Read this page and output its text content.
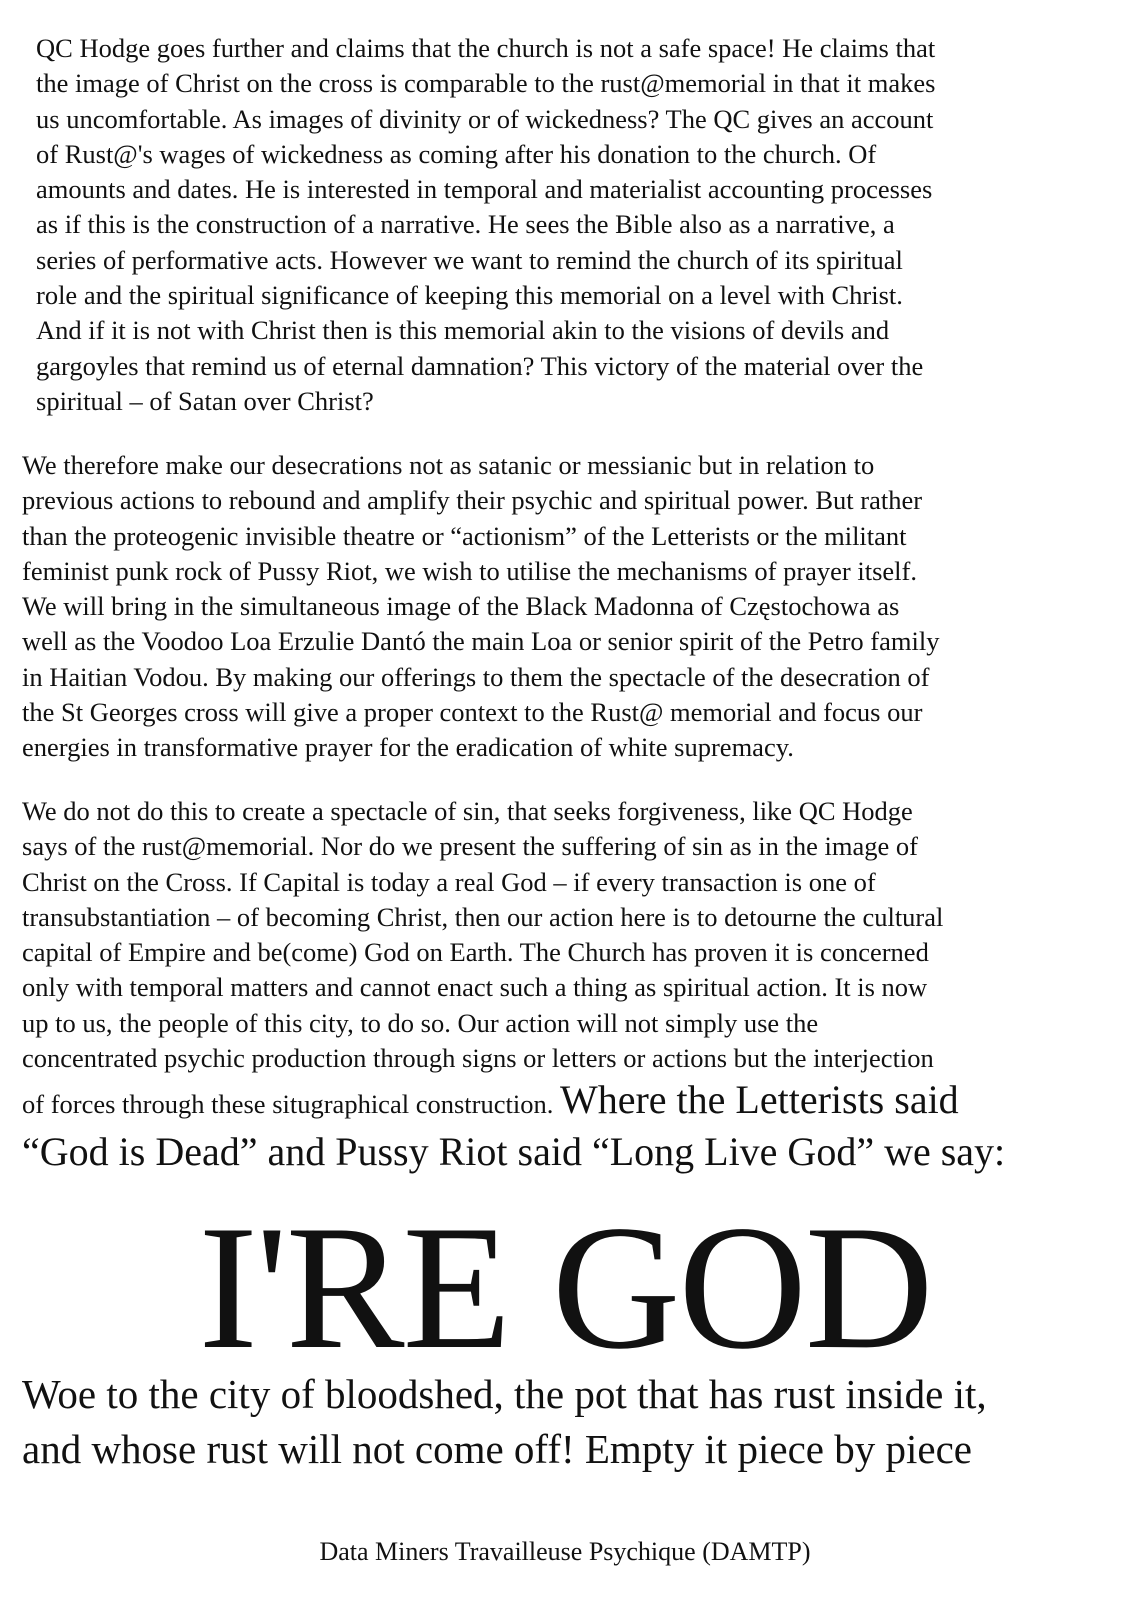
QC Hodge goes further and claims that the church is not a safe space! He claims that
the image of Christ on the cross is comparable to the rust@memorial in that it makes
us uncomfortable. As images of divinity or of wickedness? The QC gives an account
of Rust@'s wages of wickedness as coming after his donation to the church. Of
amounts and dates. He is interested in temporal and materialist accounting processes
as if this is the construction of a narrative. He sees the Bible also as a narrative, a
series of performative acts. However we want to remind the church of its spiritual
role and the spiritual significance of keeping this memorial on a level with Christ.
And if it is not with Christ then is this memorial akin to the visions of devils and
gargoyles that remind us of eternal damnation? This victory of the material over the
spiritual – of Satan over Christ?

We therefore make our desecrations not as satanic or messianic but in relation to
previous actions to rebound and amplify their psychic and spiritual power. But rather
than the proteogenic invisible theatre or “actionism” of the Letterists or the militant
feminist punk rock of Pussy Riot, we wish to utilise the mechanisms of prayer itself.
We will bring in the simultaneous image of the Black Madonna of Częstochowa as
well as the Voodoo Loa Erzulie Dantó the main Loa or senior spirit of the Petro family
in Haitian Vodou. By making our offerings to them the spectacle of the desecration of
the St Georges cross will give a proper context to the Rust@ memorial and focus our
energies in transformative prayer for the eradication of white supremacy.

We do not do this to create a spectacle of sin, that seeks forgiveness, like QC Hodge
says of the rust@memorial. Nor do we present the suffering of sin as in the image of
Christ on the Cross. If Capital is today a real God – if every transaction is one of
transubstantiation – of becoming Christ, then our action here is to detourne the cultural
capital of Empire and be(come) God on Earth. The Church has proven it is concerned
only with temporal matters and cannot enact such a thing as spiritual action. It is now
up to us, the people of this city, to do so. Our action will not simply use the
concentrated psychic production through signs or letters or actions but the interjection
of forces through these situgraphical construction. Where the Letterists said
“God is Dead” and Pussy Riot said “Long Live God” we say:

I'RE GOD
Woe to the city of bloodshed, the pot that has rust inside it,
and whose rust will not come off! Empty it piece by piece
Data Miners Travailleuse Psychique (DAMTP)
